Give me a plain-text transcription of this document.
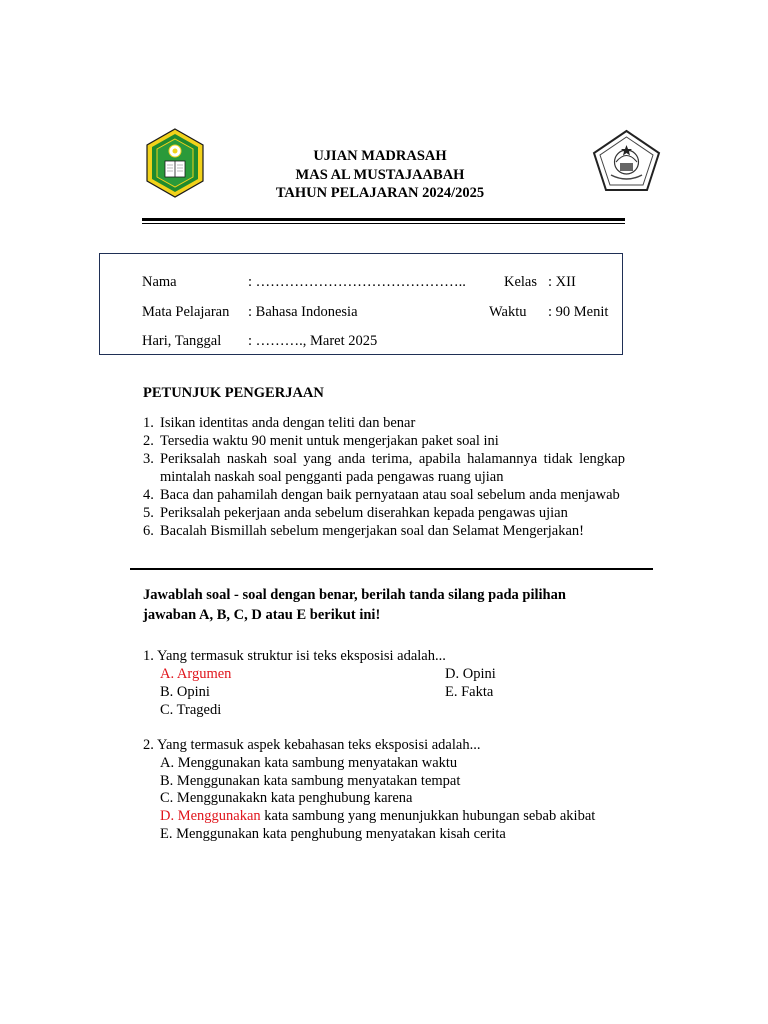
UJIAN MADRASAH
MAS AL MUSTAJAABAH
TAHUN PELAJARAN 2024/2025
Nama	: ……………………………………..	Kelas : XII
Mata Pelajaran : Bahasa Indonesia	Waktu : 90 Menit
Hari, Tanggal : ………., Maret 2025
PETUNJUK PENGERJAAN
1. Isikan identitas anda dengan teliti dan benar
2. Tersedia waktu 90 menit untuk mengerjakan paket soal ini
3. Periksalah naskah soal yang anda terima, apabila halamannya tidak lengkap mintalah naskah soal pengganti pada pengawas ruang ujian
4. Baca dan pahamilah dengan baik pernyataan atau soal sebelum anda menjawab
5. Periksalah pekerjaan anda sebelum diserahkan kepada pengawas ujian
6. Bacalah Bismillah sebelum mengerjakan soal dan Selamat Mengerjakan!
Jawablah soal - soal dengan benar, berilah tanda silang pada pilihan jawaban A, B, C, D atau E berikut ini!
1. Yang termasuk struktur isi teks eksposisi adalah...
A. Argumen
B. Opini
C. Tragedi
D. Opini
E. Fakta
2. Yang termasuk aspek kebahasan teks eksposisi adalah...
A. Menggunakan kata sambung menyatakan waktu
B. Menggunakan kata sambung menyatakan tempat
C. Menggunakakn kata penghubung karena
D. Menggunakan kata sambung yang menunjukkan hubungan sebab akibat
E. Menggunakan kata penghubung menyatakan kisah cerita
